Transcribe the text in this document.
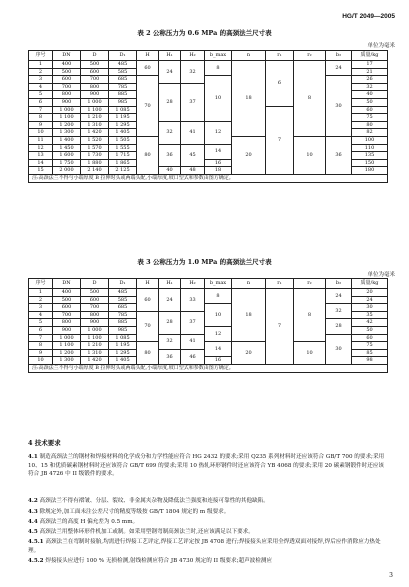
HG/T 2049—2005
表 2 公称压力为 0.6 MPa 的高颈法兰尺寸表
单位为毫米
序号	DN	D	D₁	H	H₁	H₂	b_max	n	r₁	r₂	b₂	质量/kg
1	400	500	485	60	24	32	8	18	6	8	24	17
2	500	600	585									21
3	600	700	685	70			10				30	26
4	700	800	785		28	37						32
5	800	900	885									40
6	900	1 000	985									50
7	1 000	1 100	1 085						7			60
8	1 100	1 210	1 195									75
9	1 200	1 310	1 295		32	41	12					80
10	1 300	1 420	1 405									82
11	1 400	1 520	1 505	80				20		10	36	100
12	1 450	1 570	1 555		36	45	14					110
13	1 600	1 730	1 715									135
14	1 750	1 880	1 865				16					150
15	2 000	2 140	2 125		40	48	18					180
注:高颈法兰不得与小端厚度 B 拉伸时头或两端头配,小端厚度,坡口型式和参数由图方确定。												
表 3 公称压力为 1.0 MPa 的高颈法兰尺寸表
单位为毫米
序号	DN	D	D₁	H	H₁	H₂	b_max	n	r₁	r₂	b₂	质量/kg
1	400	500	485	60	24	33	8	18	7	8	24	20
2	500	600	585									24
3	600	700	685				10				32	30
4	700	800	785	70	28	37						35
5	800	900	885								28	42
6	900	1 000	985				12					50
7	1 000	1 100	1 085		32	41					30	60
8	1 100	1 210	1 195	80			14	20		10		75
9	1 200	1 310	1 295		36	46						85
10	1 300	1 420	1 405				16					98
注:高颈法兰不得与小端厚度 B 拉伸时头或两端头配,小端厚度,坡口型式和参数由图方确定。												
4 技术要求
4.1 制造高颈法兰的钢材和焊接材料的化学成分和力学性能应符合 HG 2432 的要求;采用 Q235 系列材料时还应该符合 GB/T 700 的要求;采用 10、15 和优质碳素钢材料时还应该符合 GB/T 699 的要求;采用 10 热轧环形钢件时还应该符合 YB 4068 的要求;采用 20 碳素钢锻件时还应该符合 JB 4726 中 II 级锻件的要求。
4.2 高颈法兰不得有褶皱、分层、裂纹、非金属夹杂物及降低法兰强度和连接可靠性的其他缺陷。
4.3 除规定外,加工面未注公差尺寸的精度等级按 GB/T 1804 规定的 m 级要求。
4.4 高颈法兰的高度 H 偏允差为 0.5 mm。
4.5 高颈法兰用整体环形件机加工或制。如采用型钢弯制高颈法兰时,还应该满足以下要求。
4.5.1 高颈法兰在弯制时接胎,均需进行焊接工艺评定,焊接工艺评定按 JB 4708 进行;焊接接头应采用全焊透双面对接焊,焊后应作消除应力热处理。
4.5.2 焊接接头应进行 100 % 无损检测,射线检测应符合 JB 4730 规定的 II 级要求;超声波检测应
3
